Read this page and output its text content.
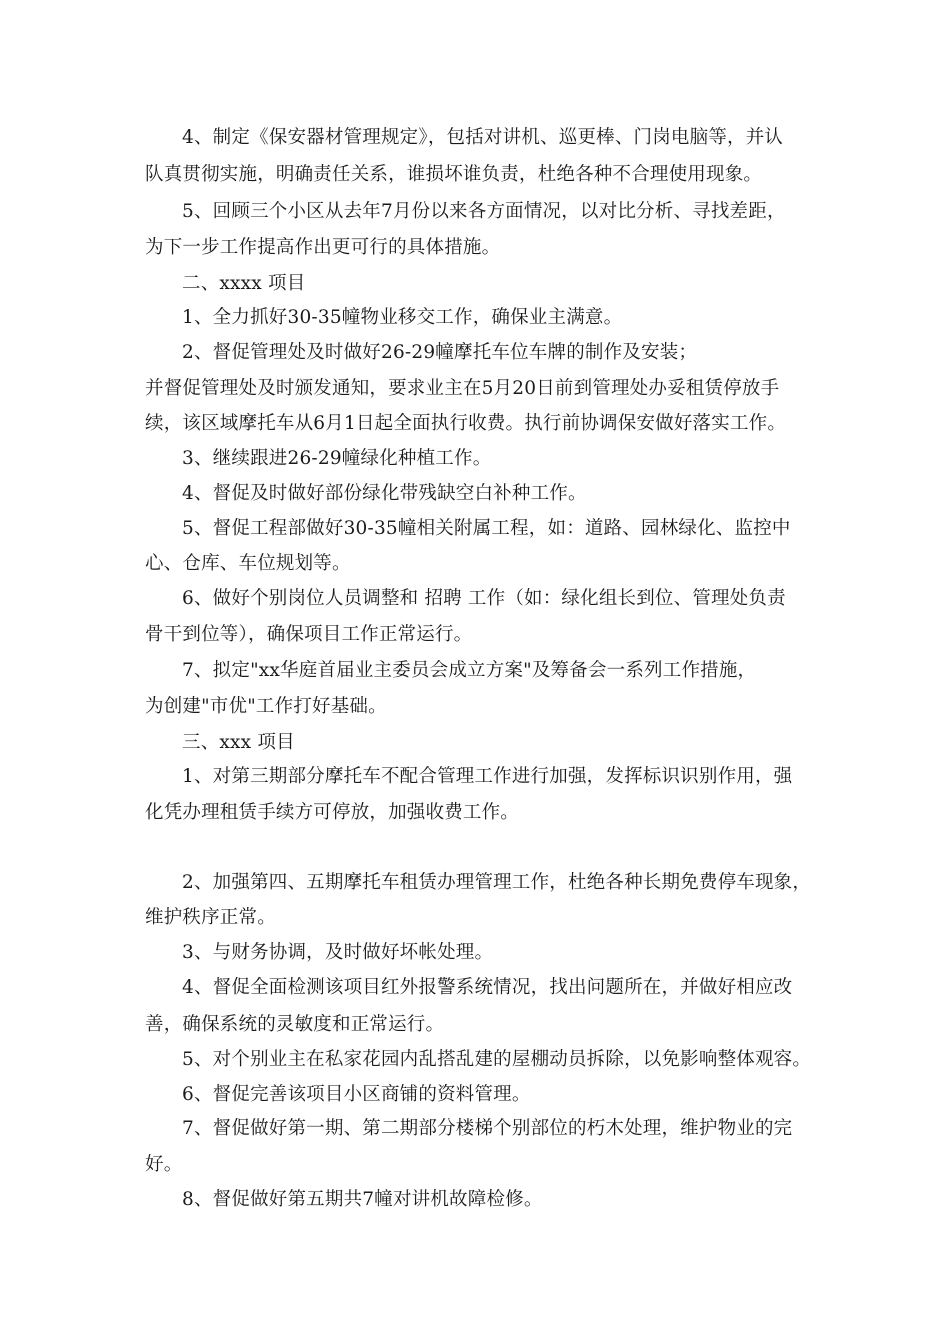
4、制定《保安器材管理规定》，包括对讲机、巡更棒、门岗电脑等，并认
队真贯彻实施，明确责任关系，谁损坏谁负责，杜绝各种不合理使用现象。
5、回顾三个小区从去年7月份以来各方面情况，以对比分析、寻找差距，
为下一步工作提高作出更可行的具体措施。
二、xxxx 项目
1、全力抓好30-35幢物业移交工作，确保业主满意。
2、督促管理处及时做好26-29幢摩托车位车牌的制作及安装；
并督促管理处及时颁发通知，要求业主在5月20日前到管理处办妥租赁停放手
续，该区域摩托车从6月1日起全面执行收费。执行前协调保安做好落实工作。
3、继续跟进26-29幢绿化种植工作。
4、督促及时做好部份绿化带残缺空白补种工作。
5、督促工程部做好30-35幢相关附属工程，如：道路、园林绿化、监控中
心、仓库、车位规划等。
6、做好个别岗位人员调整和 招聘 工作（如：绿化组长到位、管理处负责
骨干到位等），确保项目工作正常运行。
7、拟定"xx华庭首届业主委员会成立方案"及筹备会一系列工作措施，
为创建"市优"工作打好基础。
三、xxx 项目
1、对第三期部分摩托车不配合管理工作进行加强，发挥标识识别作用，强
化凭办理租赁手续方可停放，加强收费工作。
2、加强第四、五期摩托车租赁办理管理工作，杜绝各种长期免费停车现象，
维护秩序正常。
3、与财务协调，及时做好坏帐处理。
4、督促全面检测该项目红外报警系统情况，找出问题所在，并做好相应改
善，确保系统的灵敏度和正常运行。
5、对个别业主在私家花园内乱搭乱建的屋棚动员拆除，以免影响整体观容。
6、督促完善该项目小区商铺的资料管理。
7、督促做好第一期、第二期部分楼梯个别部位的朽木处理，维护物业的完
好。
8、督促做好第五期共7幢对讲机故障检修。
